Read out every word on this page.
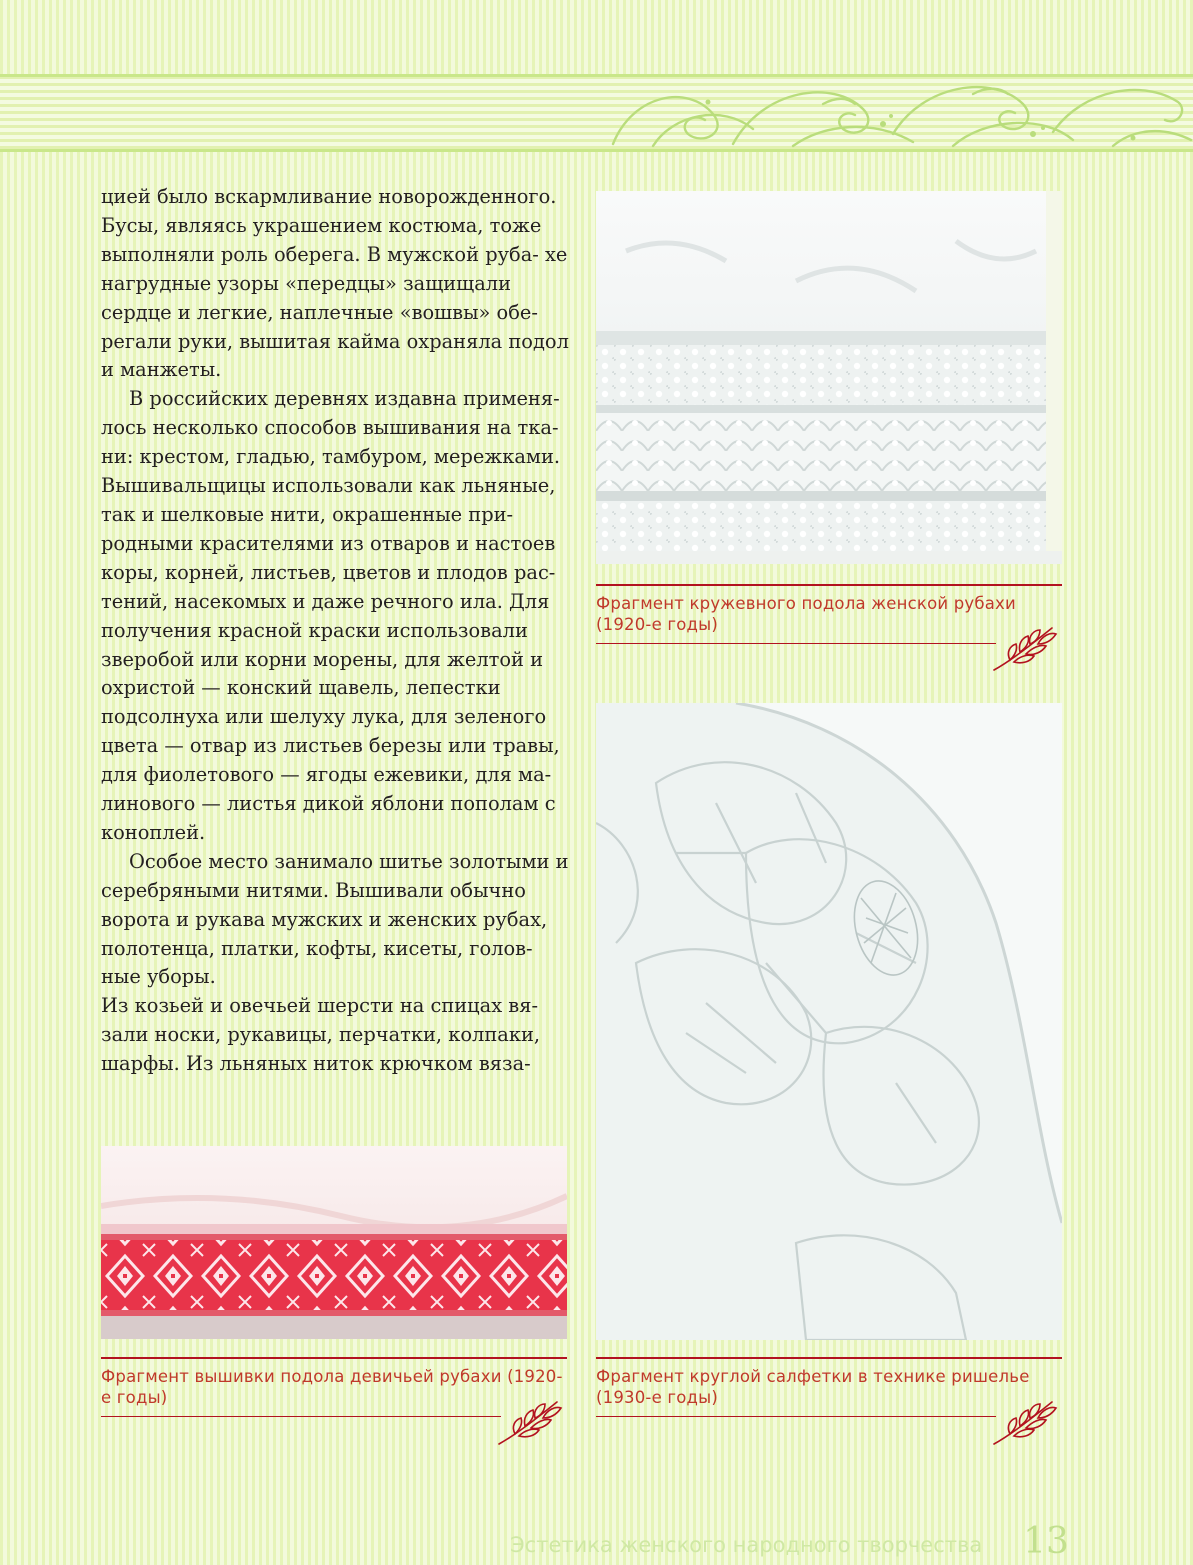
цией было вскармливание новорожденного. Бусы, являясь украшением костюма, тоже выполняли роль оберега. В мужской руба- хе нагрудные узоры «передцы» защищали сердце и легкие, наплечные «вошвы» обе- регали руки, вышитая кайма охраняла подол и манжеты.

В российских деревнях издавна применя- лось несколько способов вышивания на тка- ни: крестом, гладью, тамбуром, мережками. Вышивальщицы использовали как льняные, так и шелковые нити, окрашенные при- родными красителями из отваров и настоев коры, корней, листьев, цветов и плодов рас- тений, насекомых и даже речного ила. Для получения красной краски использовали зверобой или корни морены, для желтой и охристой — конский щавель, лепестки подсолнуха или шелуху лука, для зеленого цвета — отвар из листьев березы или травы, для фиолетового — ягоды ежевики, для ма- линового — листья дикой яблони пополам с коноплей.

Особое место занимало шитье золотыми и серебряными нитями. Вышивали обычно ворота и рукава мужских и женских рубах, полотенца, платки, кофты, кисеты, голов- ные уборы.

Из козьей и овечьей шерсти на спицах вя- зали носки, рукавицы, перчатки, колпаки, шарфы. Из льняных ниток крючком вяза-

Фрагмент кружевного подола женской рубахи (1920-е годы)
Фрагмент вышивки подола девичьей рубахи (1920-е годы)
Фрагмент круглой салфетки в технике ришелье (1930-е годы)
Эстетика женского народного творчества 13
